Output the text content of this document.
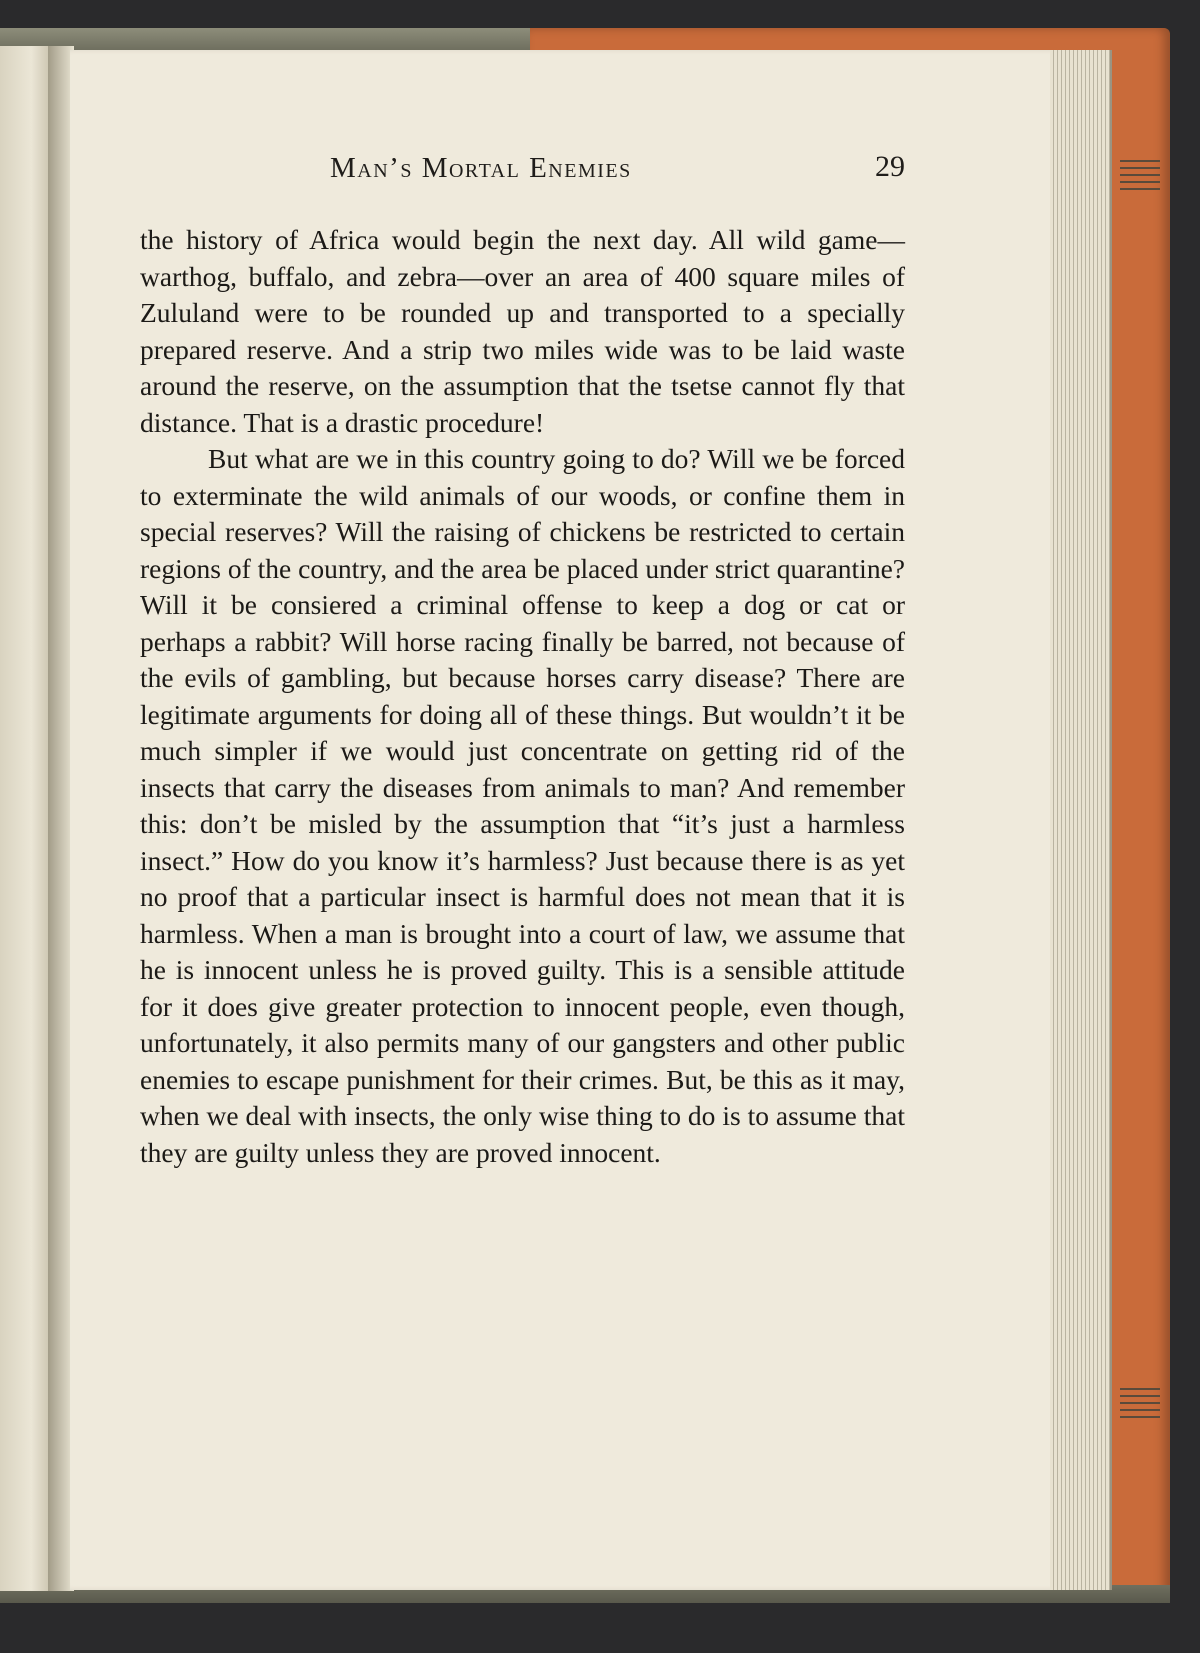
Man’s Mortal Enemies	29

the history of Africa would begin the next day. All wild game—warthog, buffalo, and zebra—over an area of 400 square miles of Zululand were to be rounded up and transported to a specially prepared reserve. And a strip two miles wide was to be laid waste around the reserve, on the assumption that the tsetse cannot fly that distance. That is a drastic procedure!

But what are we in this country going to do? Will we be forced to exterminate the wild animals of our woods, or confine them in special reserves? Will the raising of chickens be restricted to certain regions of the country, and the area be placed under strict quarantine? Will it be consiered a criminal offense to keep a dog or cat or perhaps a rabbit? Will horse racing finally be barred, not because of the evils of gambling, but because horses carry disease? There are legitimate arguments for doing all of these things. But wouldn’t it be much simpler if we would just concentrate on getting rid of the insects that carry the diseases from animals to man? And remember this: don’t be misled by the assumption that “it’s just a harmless insect.” How do you know it’s harmless? Just because there is as yet no proof that a particular insect is harmful does not mean that it is harmless. When a man is brought into a court of law, we assume that he is innocent unless he is proved guilty. This is a sensible attitude for it does give greater protection to innocent people, even though, unfortunately, it also permits many of our gangsters and other public enemies to escape punishment for their crimes. But, be this as it may, when we deal with insects, the only wise thing to do is to assume that they are guilty unless they are proved innocent.
